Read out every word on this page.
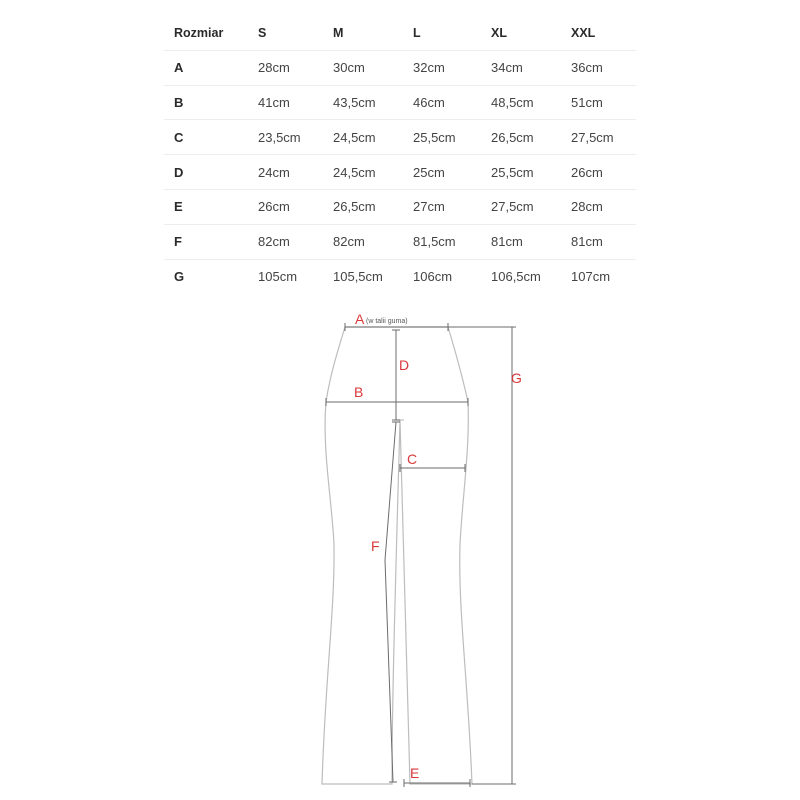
Rozmiar	S	M	L	XL	XXL
A	28cm	30cm	32cm	34cm	36cm
B	41cm	43,5cm	46cm	48,5cm	51cm
C	23,5cm	24,5cm	25,5cm	26,5cm	27,5cm
D	24cm	24,5cm	25cm	25,5cm	26cm
E	26cm	26,5cm	27cm	27,5cm	28cm
F	82cm	82cm	81,5cm	81cm	81cm
G	105cm	105,5cm	106cm	106,5cm	107cm
A (w talii guma)
D
B
C
F
E
G
